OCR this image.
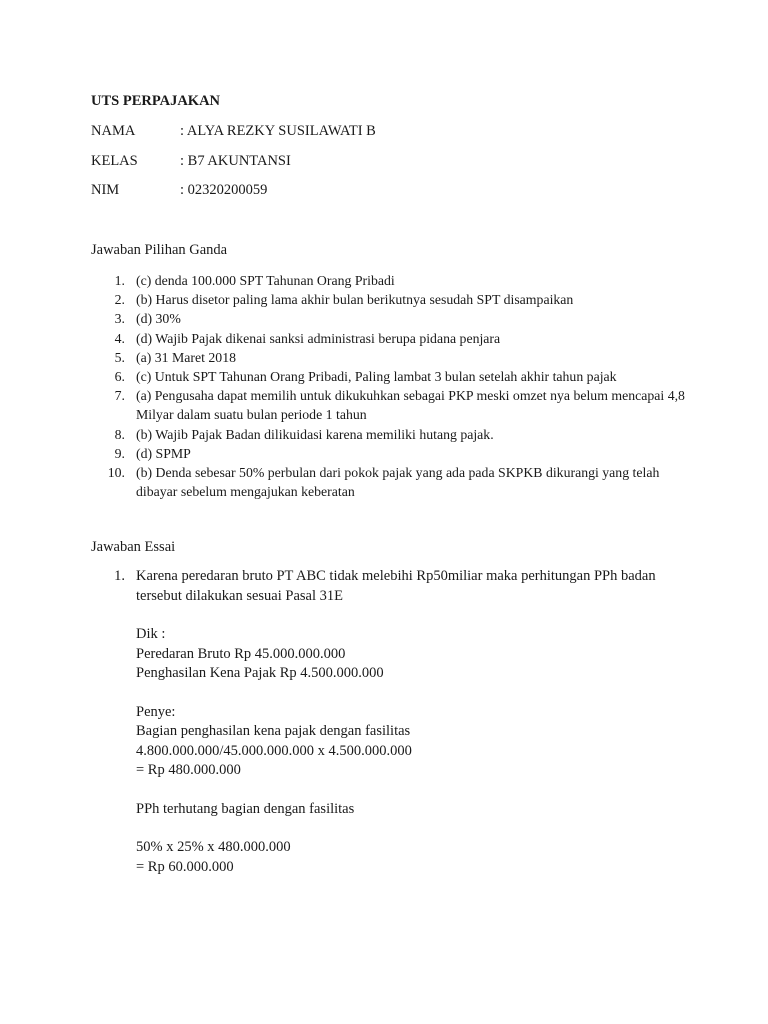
UTS PERPAJAKAN
NAMA	: ALYA REZKY SUSILAWATI B
KELAS	: B7 AKUNTANSI
NIM	: 02320200059
Jawaban Pilihan Ganda
1. (c) denda 100.000 SPT Tahunan Orang Pribadi
2. (b) Harus disetor paling lama akhir bulan berikutnya sesudah SPT disampaikan
3. (d) 30%
4. (d) Wajib Pajak dikenai sanksi administrasi berupa pidana penjara
5. (a) 31 Maret 2018
6. (c) Untuk SPT Tahunan Orang Pribadi, Paling lambat 3 bulan setelah akhir tahun pajak
7. (a) Pengusaha dapat memilih untuk dikukuhkan sebagai PKP meski omzet nya belum mencapai 4,8 Milyar dalam suatu bulan periode 1 tahun
8. (b) Wajib Pajak Badan dilikuidasi karena memiliki hutang pajak.
9. (d) SPMP
10. (b) Denda sebesar 50% perbulan dari pokok pajak yang ada pada SKPKB dikurangi yang telah dibayar sebelum mengajukan keberatan
Jawaban Essai
1. Karena peredaran bruto PT ABC tidak melebihi Rp50miliar maka perhitungan PPh badan
tersebut dilakukan sesuai Pasal 31E
Dik :
Peredaran Bruto Rp 45.000.000.000
Penghasilan Kena Pajak Rp 4.500.000.000
Penye:
Bagian penghasilan kena pajak dengan fasilitas
4.800.000.000/45.000.000.000 x 4.500.000.000
= Rp 480.000.000
PPh terhutang bagian dengan fasilitas
50% x 25% x 480.000.000
= Rp 60.000.000
